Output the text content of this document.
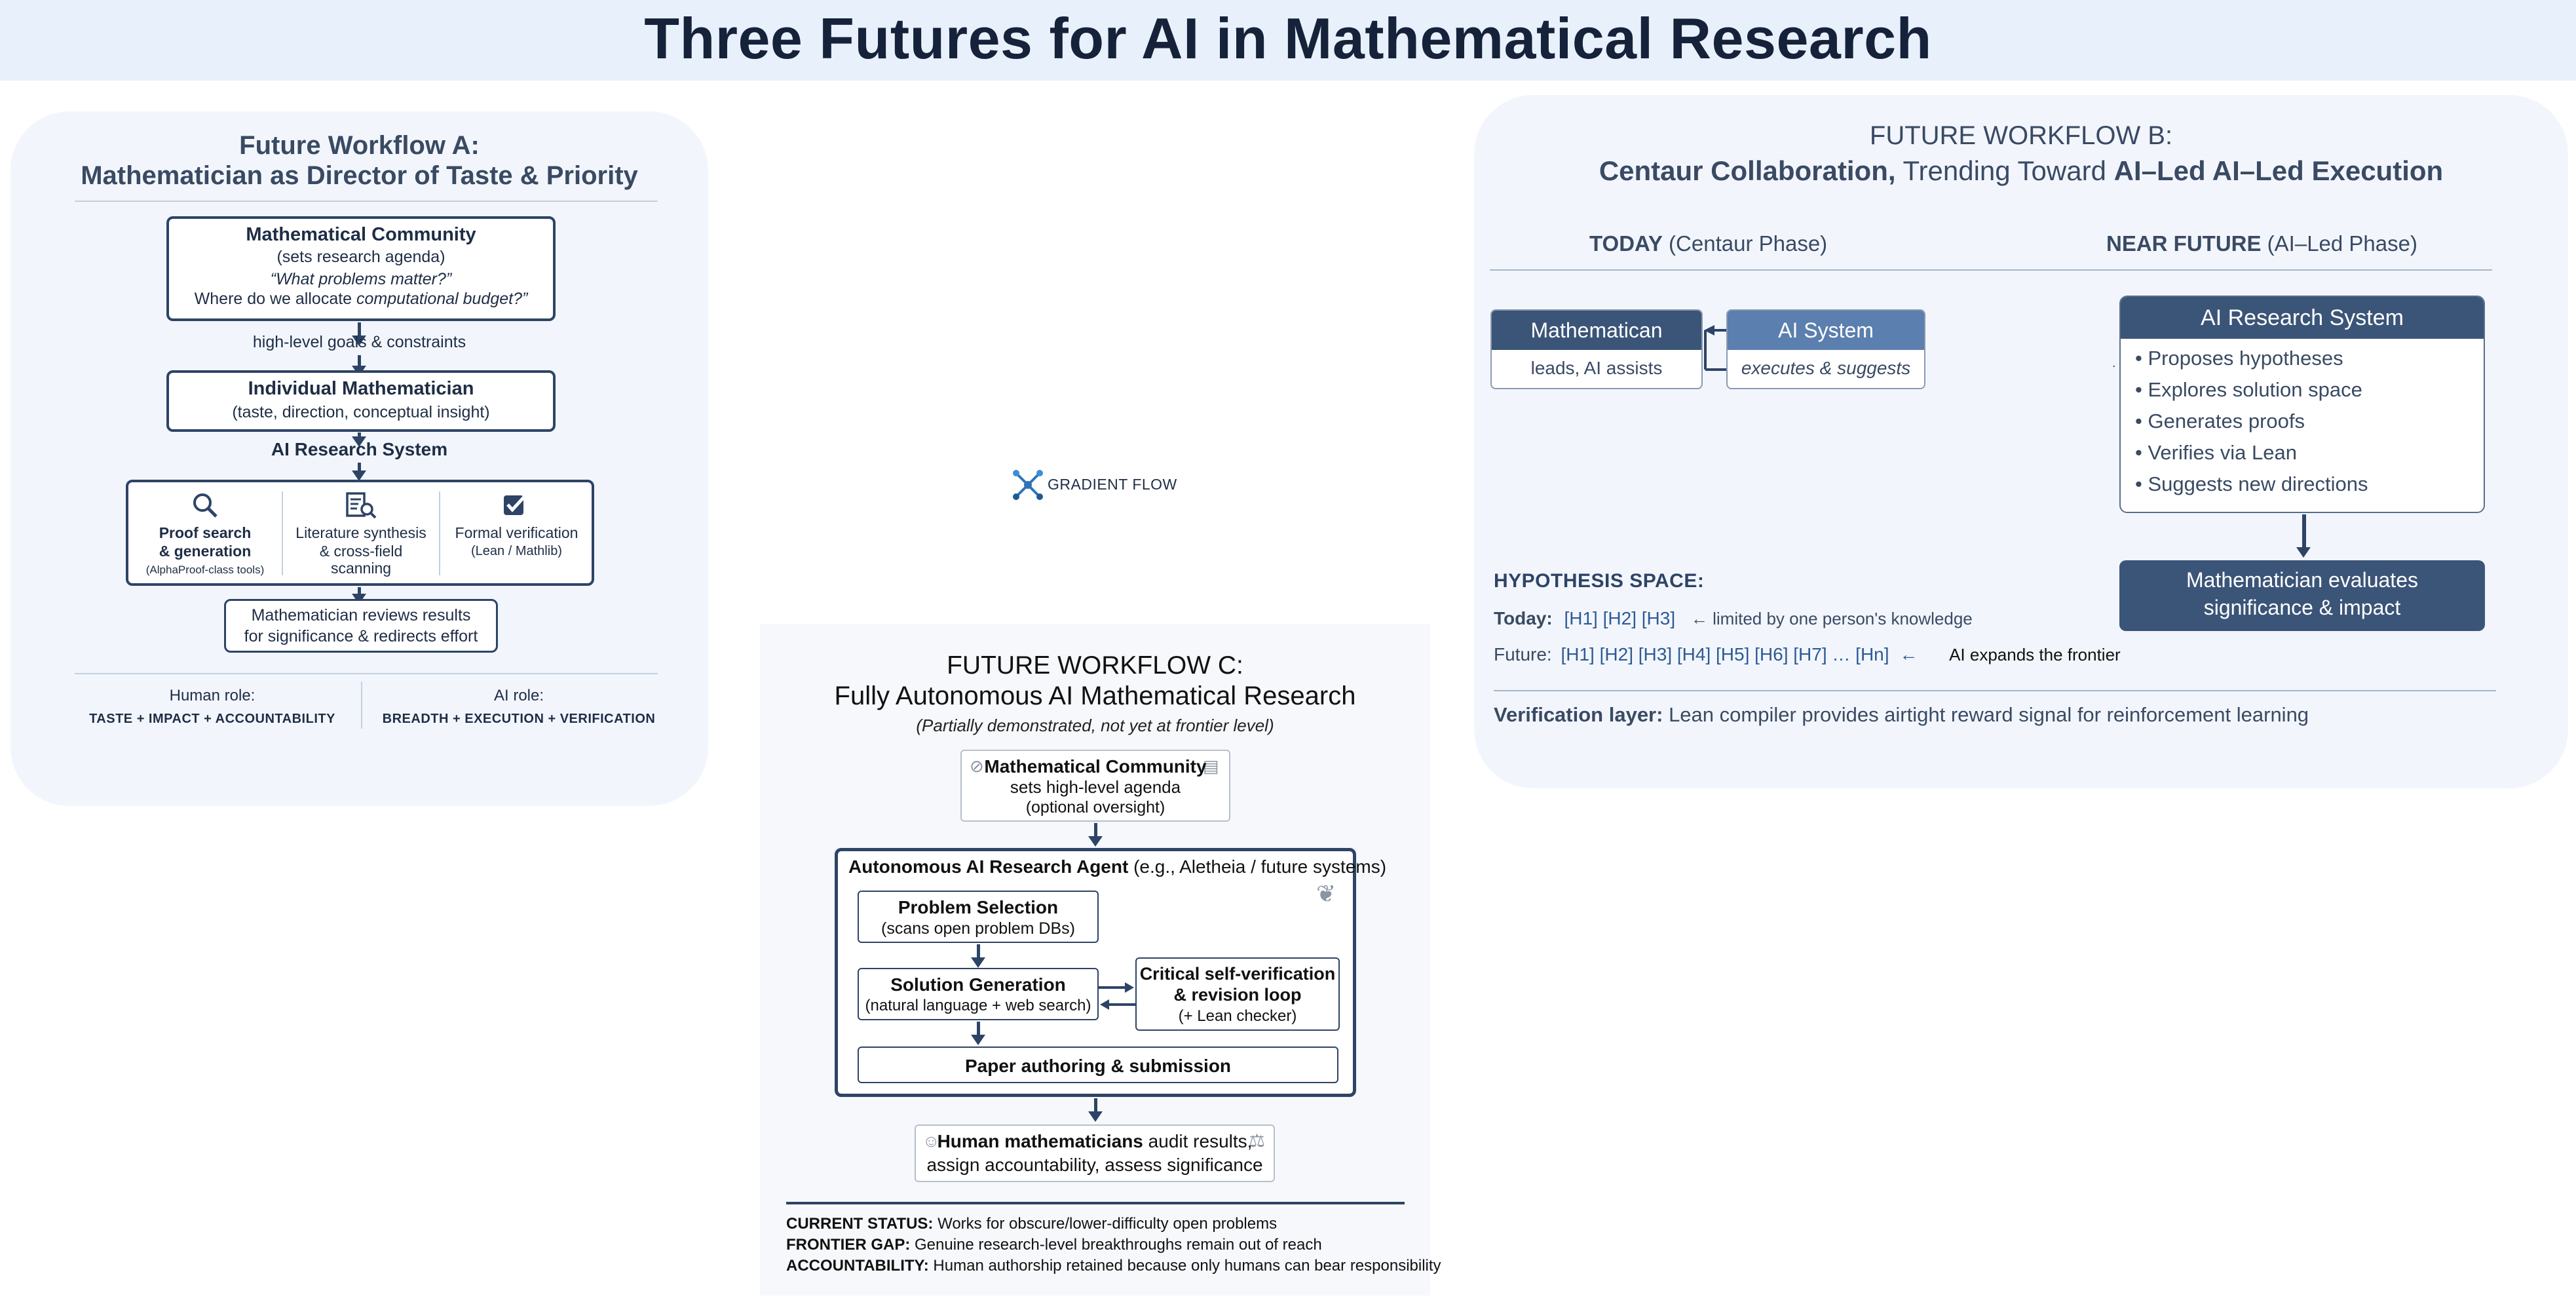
Three Futures for AI in Mathematical Research
Future Workflow A:
Mathematician as Director of Taste & Priority
Mathematical Community
(sets research agenda)
“What problems matter?”
Where do we allocate computational budget?”
high-level goals & constraints
Individual Mathematician
(taste, direction, conceptual insight)
AI Research System
Proof search
& generation
(AlphaProof-class tools)
Literature synthesis
& cross-field
scanning
Formal verification
(Lean / Mathlib)
Mathematician reviews results
for significance & redirects effort
Human role:
TASTE + IMPACT + ACCOUNTABILITY
AI role:
BREADTH + EXECUTION + VERIFICATION
GRADIENT FLOW
FUTURE WORKFLOW B:
Centaur Collaboration, Trending Toward AI–Led AI–Led Execution
TODAY (Centaur Phase)	NEAR FUTURE (AI–Led Phase)
Mathematican
leads, AI assists
AI System
executes & suggests	.
AI Research System
• Proposes hypotheses
• Explores solution space
• Generates proofs
• Verifies via Lean
• Suggests new directions
Mathematician evaluates
significance & impact
HYPOTHESIS SPACE:
Today: [H1] [H2] [H3] ← limited by one person's knowledge
Future: [H1] [H2] [H3] [H4] [H5] [H6] [H7] … [Hn] ← AI expands the frontier
Verification layer: Lean compiler provides airtight reward signal for reinforcement learning
FUTURE WORKFLOW C:
Fully Autonomous AI Mathematical Research
(Partially demonstrated, not yet at frontier level)
⊘	▤
Mathematical Community
sets high-level agenda
(optional oversight)
Autonomous AI Research Agent (e.g., Aletheia / future systems)
❦
Problem Selection
(scans open problem DBs)
Solution Generation
(natural language + web search)
Critical self-verification
& revision loop
(+ Lean checker)
Paper authoring & submission
☺	⚖
Human mathematicians audit results,
assign accountability, assess significance
CURRENT STATUS: Works for obscure/lower-difficulty open problems
FRONTIER GAP: Genuine research-level breakthroughs remain out of reach
ACCOUNTABILITY: Human authorship retained because only humans can bear responsibility
